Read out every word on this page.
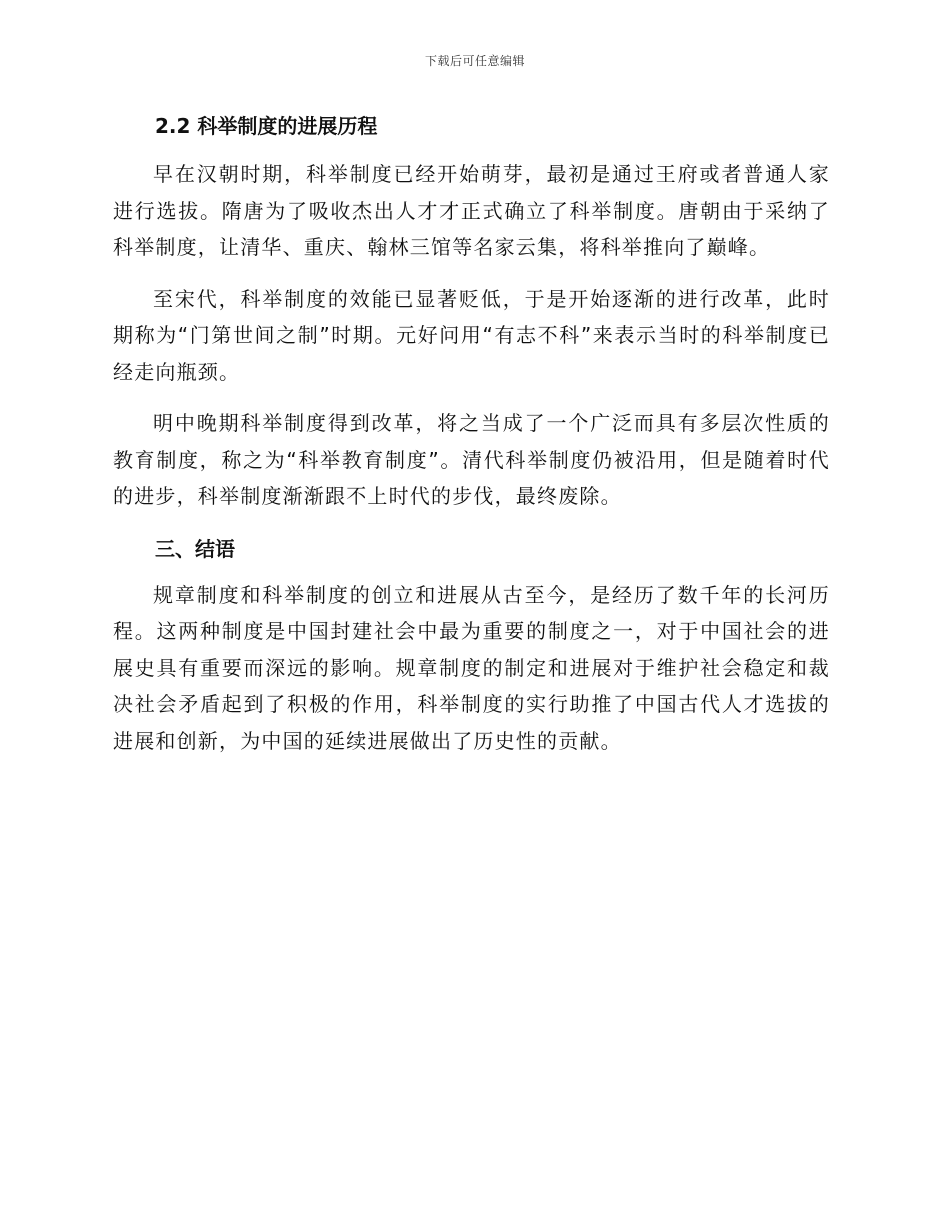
下载后可任意编辑
2.2 科举制度的进展历程

早在汉朝时期，科举制度已经开始萌芽，最初是通过王府或者普通人家进行选拔。隋唐为了吸收杰出人才才正式确立了科举制度。唐朝由于采纳了科举制度，让清华、重庆、翰林三馆等名家云集，将科举推向了巅峰。

至宋代，科举制度的效能已显著贬低，于是开始逐渐的进行改革，此时期称为“门第世间之制”时期。元好问用“有志不科”来表示当时的科举制度已经走向瓶颈。

明中晚期科举制度得到改革，将之当成了一个广泛而具有多层次性质的教育制度，称之为“科举教育制度”。清代科举制度仍被沿用，但是随着时代的进步，科举制度渐渐跟不上时代的步伐，最终废除。

三、结语

规章制度和科举制度的创立和进展从古至今，是经历了数千年的长河历程。这两种制度是中国封建社会中最为重要的制度之一，对于中国社会的进展史具有重要而深远的影响。规章制度的制定和进展对于维护社会稳定和裁决社会矛盾起到了积极的作用，科举制度的实行助推了中国古代人才选拔的进展和创新，为中国的延续进展做出了历史性的贡献。
